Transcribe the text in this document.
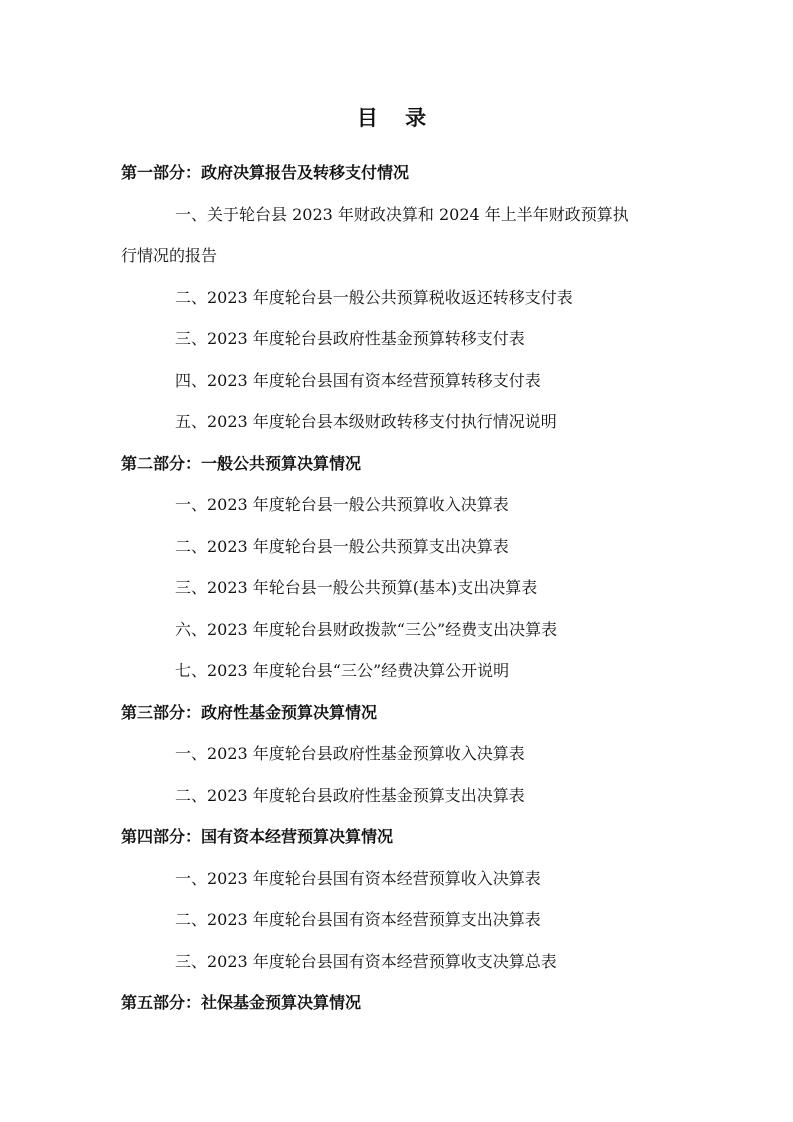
目 录
第一部分：政府决算报告及转移支付情况
一、关于轮台县 2023 年财政决算和 2024 年上半年财政预算执
行情况的报告
二、2023 年度轮台县一般公共预算税收返还转移支付表
三、2023 年度轮台县政府性基金预算转移支付表
四、2023 年度轮台县国有资本经营预算转移支付表
五、2023 年度轮台县本级财政转移支付执行情况说明
第二部分：一般公共预算决算情况
一、2023 年度轮台县一般公共预算收入决算表
二、2023 年度轮台县一般公共预算支出决算表
三、2023 年轮台县一般公共预算(基本)支出决算表
六、2023 年度轮台县财政拨款“三公”经费支出决算表
七、2023 年度轮台县“三公”经费决算公开说明
第三部分：政府性基金预算决算情况
一、2023 年度轮台县政府性基金预算收入决算表
二、2023 年度轮台县政府性基金预算支出决算表
第四部分：国有资本经营预算决算情况
一、2023 年度轮台县国有资本经营预算收入决算表
二、2023 年度轮台县国有资本经营预算支出决算表
三、2023 年度轮台县国有资本经营预算收支决算总表
第五部分：社保基金预算决算情况
